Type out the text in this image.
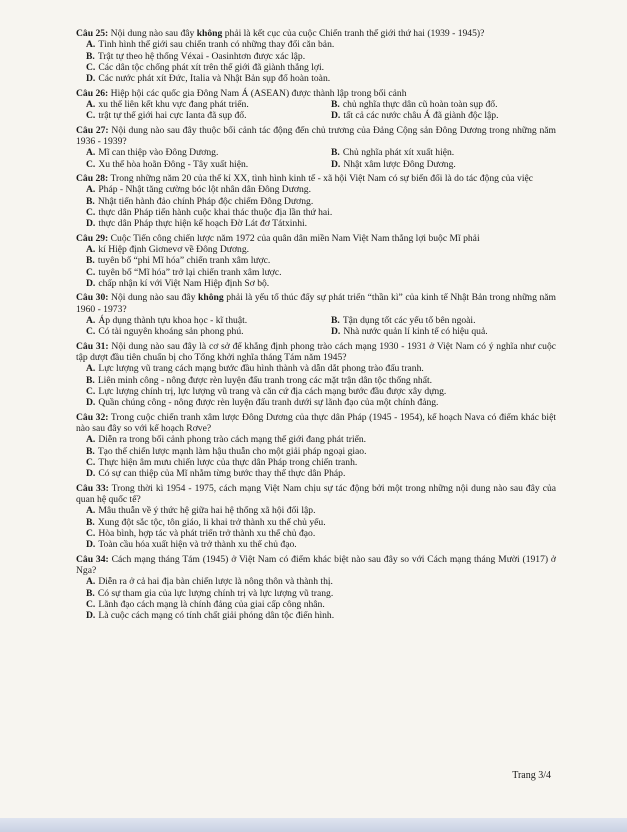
Câu 25: Nội dung nào sau đây không phải là kết cục của cuộc Chiến tranh thế giới thứ hai (1939 - 1945)?
A. Tình hình thế giới sau chiến tranh có những thay đổi căn bản.
B. Trật tự theo hệ thống Véxai - Oasinhtơn được xác lập.
C. Các dân tộc chống phát xít trên thế giới đã giành thắng lợi.
D. Các nước phát xít Đức, Italia và Nhật Bản sụp đổ hoàn toàn.
Câu 26: Hiệp hội các quốc gia Đông Nam Á (ASEAN) được thành lập trong bối cảnh
A. xu thế liên kết khu vực đang phát triển.	B. chủ nghĩa thực dân cũ hoàn toàn sụp đổ.
C. trật tự thế giới hai cực Ianta đã sụp đổ.	D. tất cả các nước châu Á đã giành độc lập.
Câu 27: Nội dung nào sau đây thuộc bối cảnh tác động đến chủ trương của Đảng Cộng sản Đông Dương trong những năm 1936 - 1939?
A. Mĩ can thiệp vào Đông Dương.	B. Chủ nghĩa phát xít xuất hiện.
C. Xu thế hòa hoãn Đông - Tây xuất hiện.	D. Nhật xâm lược Đông Dương.
Câu 28: Trong những năm 20 của thế kỉ XX, tình hình kinh tế - xã hội Việt Nam có sự biến đổi là do tác động của việc
A. Pháp - Nhật tăng cường bóc lột nhân dân Đông Dương.
B. Nhật tiến hành đảo chính Pháp độc chiếm Đông Dương.
C. thực dân Pháp tiến hành cuộc khai thác thuộc địa lần thứ hai.
D. thực dân Pháp thực hiện kế hoạch Đờ Lát đơ Tátxinhi.
Câu 29: Cuộc Tiến công chiến lược năm 1972 của quân dân miền Nam Việt Nam thắng lợi buộc Mĩ phải
A. kí Hiệp định Giơnevơ về Đông Dương.
B. tuyên bố “phi Mĩ hóa” chiến tranh xâm lược.
C. tuyên bố “Mĩ hóa” trở lại chiến tranh xâm lược.
D. chấp nhận kí với Việt Nam Hiệp định Sơ bộ.
Câu 30: Nội dung nào sau đây không phải là yếu tố thúc đẩy sự phát triển “thần kì” của kinh tế Nhật Bản trong những năm 1960 - 1973?
A. Áp dụng thành tựu khoa học - kĩ thuật.	B. Tận dụng tốt các yếu tố bên ngoài.
C. Có tài nguyên khoáng sản phong phú.	D. Nhà nước quản lí kinh tế có hiệu quả.
Câu 31: Nội dung nào sau đây là cơ sở để khẳng định phong trào cách mạng 1930 - 1931 ở Việt Nam có ý nghĩa như cuộc tập dượt đầu tiên chuẩn bị cho Tổng khởi nghĩa tháng Tám năm 1945?
A. Lực lượng vũ trang cách mạng bước đầu hình thành và dẫn dắt phong trào đấu tranh.
B. Liên minh công - nông được rèn luyện đấu tranh trong các mặt trận dân tộc thống nhất.
C. Lực lượng chính trị, lực lượng vũ trang và căn cứ địa cách mạng bước đầu được xây dựng.
D. Quần chúng công - nông được rèn luyện đấu tranh dưới sự lãnh đạo của một chính đảng.
Câu 32: Trong cuộc chiến tranh xâm lược Đông Dương của thực dân Pháp (1945 - 1954), kế hoạch Nava có điểm khác biệt nào sau đây so với kế hoạch Rơve?
A. Diễn ra trong bối cảnh phong trào cách mạng thế giới đang phát triển.
B. Tạo thế chiến lược mạnh làm hậu thuẫn cho một giải pháp ngoại giao.
C. Thực hiện âm mưu chiến lược của thực dân Pháp trong chiến tranh.
D. Có sự can thiệp của Mĩ nhằm từng bước thay thế thực dân Pháp.
Câu 33: Trong thời kì 1954 - 1975, cách mạng Việt Nam chịu sự tác động bởi một trong những nội dung nào sau đây của quan hệ quốc tế?
A. Mâu thuẫn về ý thức hệ giữa hai hệ thống xã hội đối lập.
B. Xung đột sắc tộc, tôn giáo, li khai trở thành xu thế chủ yếu.
C. Hòa bình, hợp tác và phát triển trở thành xu thế chủ đạo.
D. Toàn cầu hóa xuất hiện và trở thành xu thế chủ đạo.
Câu 34: Cách mạng tháng Tám (1945) ở Việt Nam có điểm khác biệt nào sau đây so với Cách mạng tháng Mười (1917) ở Nga?
A. Diễn ra ở cả hai địa bàn chiến lược là nông thôn và thành thị.
B. Có sự tham gia của lực lượng chính trị và lực lượng vũ trang.
C. Lãnh đạo cách mạng là chính đảng của giai cấp công nhân.
D. Là cuộc cách mạng có tính chất giải phóng dân tộc điển hình.
Trang 3/4
